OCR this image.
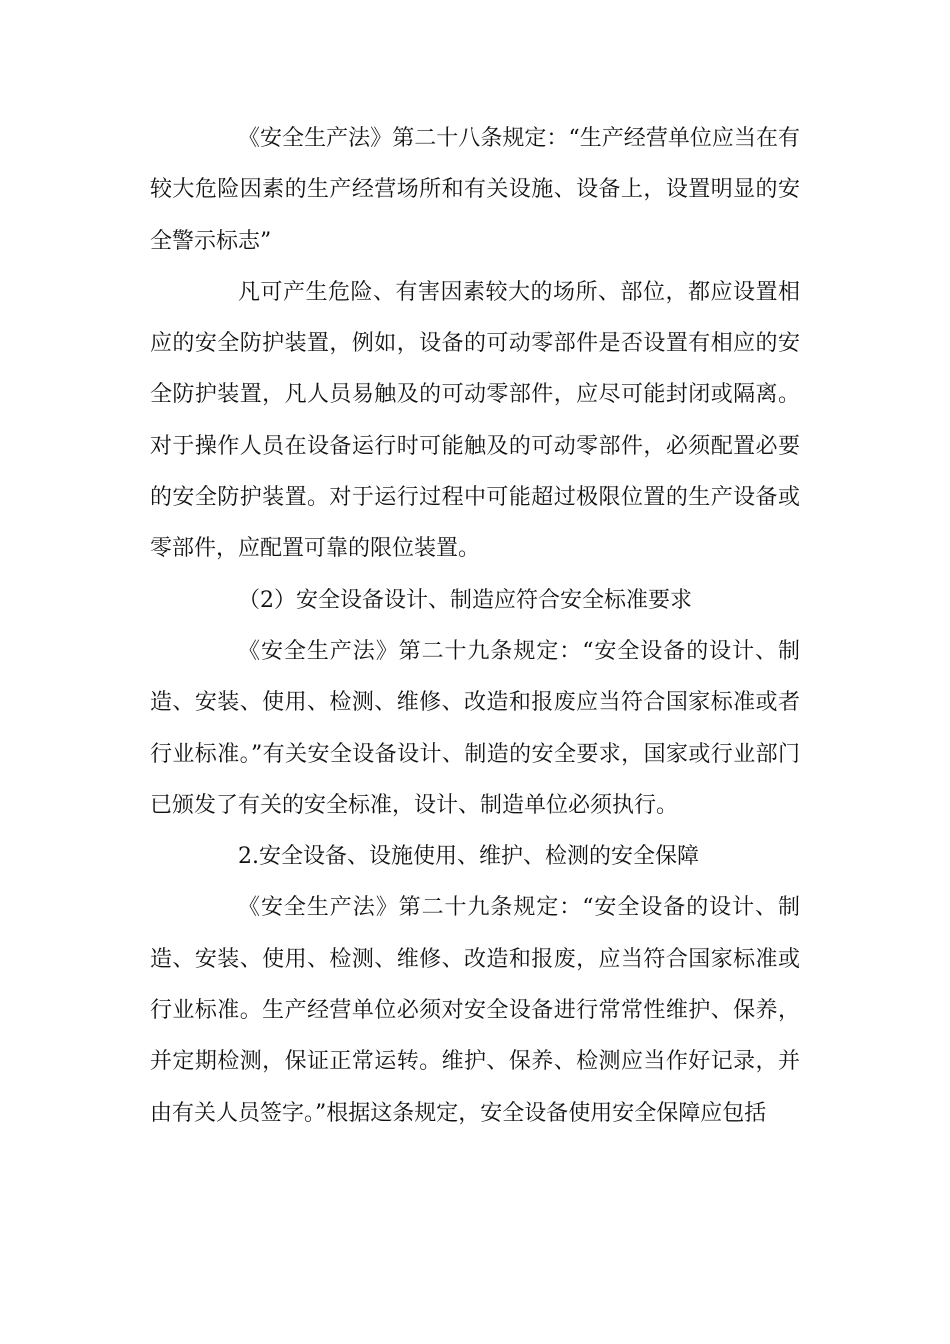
《安全生产法》第二十八条规定：“生产经营单位应当在有较大危险因素的生产经营场所和有关设施、设备上，设置明显的安全警示标志”

凡可产生危险、有害因素较大的场所、部位，都应设置相应的安全防护装置，例如，设备的可动零部件是否设置有相应的安全防护装置，凡人员易触及的可动零部件，应尽可能封闭或隔离。对于操作人员在设备运行时可能触及的可动零部件，必须配置必要的安全防护装置。对于运行过程中可能超过极限位置的生产设备或零部件，应配置可靠的限位装置。

（2）安全设备设计、制造应符合安全标准要求

《安全生产法》第二十九条规定：“安全设备的设计、制造、安装、使用、检测、维修、改造和报废应当符合国家标准或者行业标准。”有关安全设备设计、制造的安全要求，国家或行业部门已颁发了有关的安全标准，设计、制造单位必须执行。

2.安全设备、设施使用、维护、检测的安全保障

《安全生产法》第二十九条规定：“安全设备的设计、制造、安装、使用、检测、维修、改造和报废，应当符合国家标准或行业标准。生产经营单位必须对安全设备进行常常性维护、保养，并定期检测，保证正常运转。维护、保养、检测应当作好记录，并由有关人员签字。”根据这条规定，安全设备使用安全保障应包括
